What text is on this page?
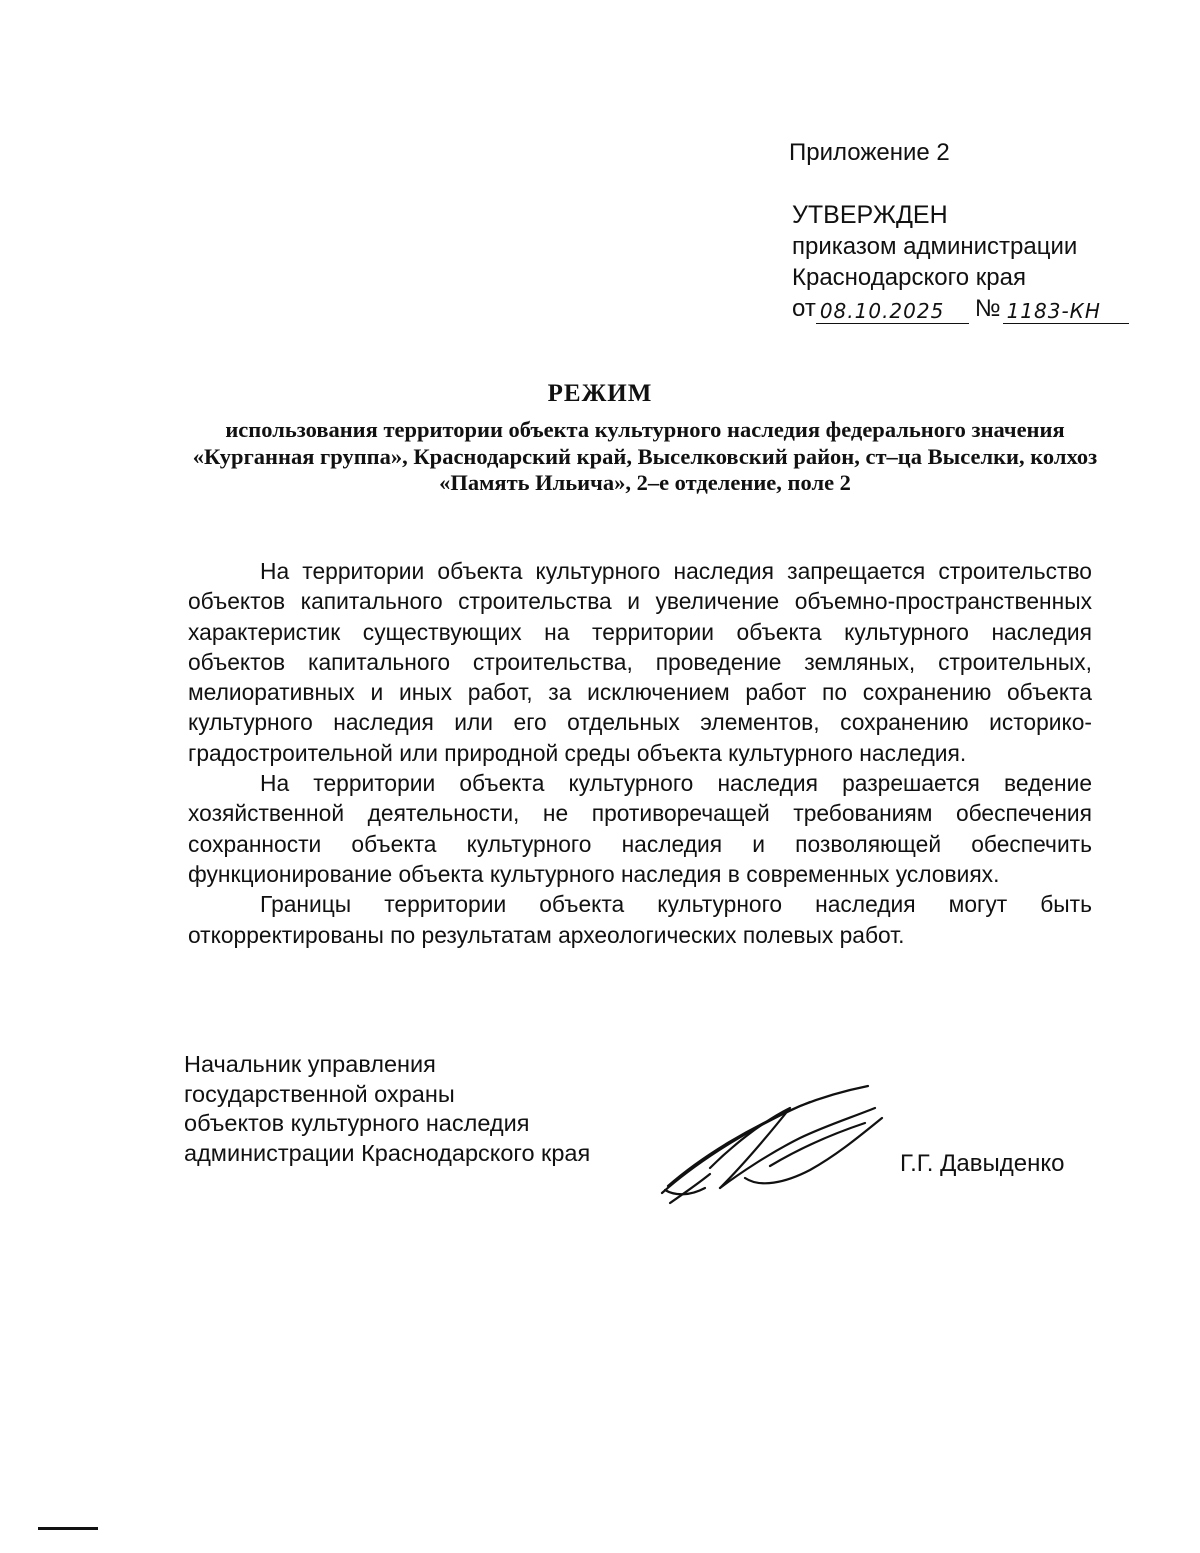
Приложение 2
УТВЕРЖДЕН
приказом администрации
Краснодарского края
от 08.10.2025	№ 1183-КН
РЕЖИМ
использования территории объекта культурного наследия федерального значения «Курганная группа», Краснодарский край, Выселковский район, ст–ца Выселки, колхоз «Память Ильича», 2–е отделение, поле 2

На территории объекта культурного наследия запрещается строительство объектов капитального строительства и увеличение объемно-пространственных характеристик существующих на территории объекта культурного наследия объектов капитального строительства, проведение земляных, строительных, мелиоративных и иных работ, за исключением работ по сохранению объекта культурного наследия или его отдельных элементов, сохранению историко-градостроительной или природной среды объекта культурного наследия.

На территории объекта культурного наследия разрешается ведение хозяйственной деятельности, не противоречащей требованиям обеспечения сохранности объекта культурного наследия и позволяющей обеспечить функционирование объекта культурного наследия в современных условиях.

Границы территории объекта культурного наследия могут быть откорректированы по результатам археологических полевых работ.

Начальник управления
государственной охраны
объектов культурного наследия
администрации Краснодарского края	Г.Г. Давыденко
